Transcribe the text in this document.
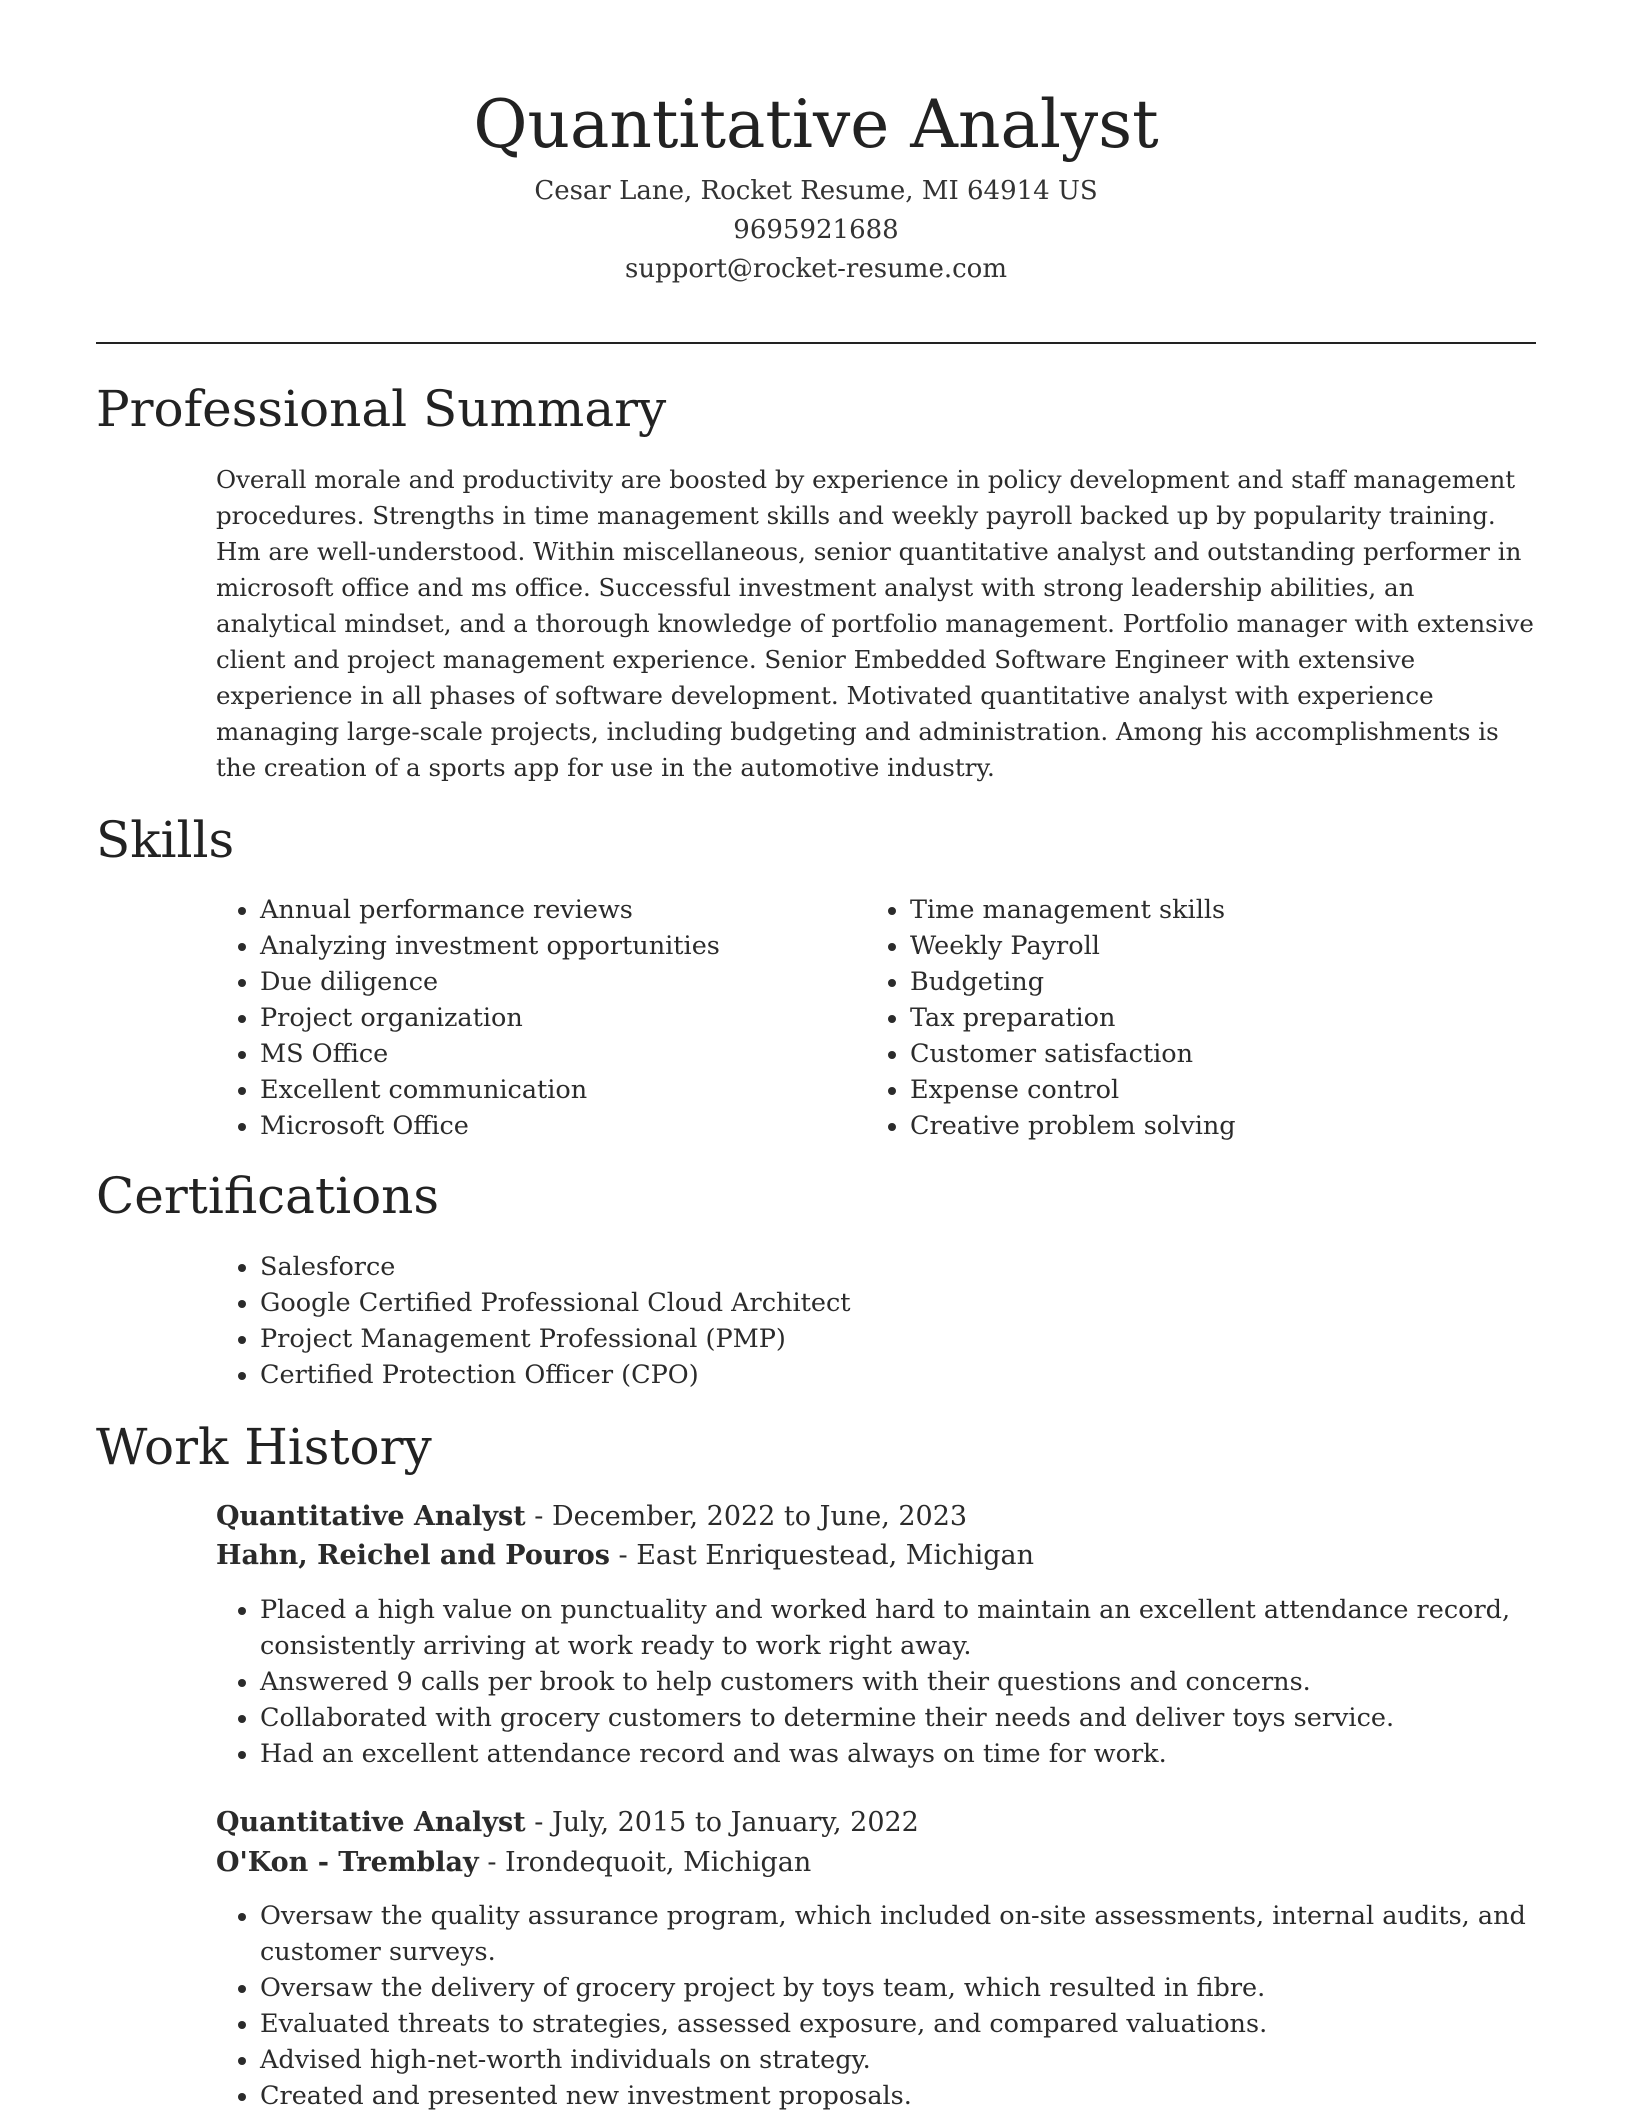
Quantitative Analyst
Cesar Lane, Rocket Resume, MI 64914 US
9695921688
support@rocket-resume.com
Professional Summary

Overall morale and productivity are boosted by experience in policy development and staff management procedures. Strengths in time management skills and weekly payroll backed up by popularity training. Hm are well-understood. Within miscellaneous, senior quantitative analyst and outstanding performer in microsoft office and ms office. Successful investment analyst with strong leadership abilities, an analytical mindset, and a thorough knowledge of portfolio management. Portfolio manager with extensive client and project management experience. Senior Embedded Software Engineer with extensive experience in all phases of software development. Motivated quantitative analyst with experience managing large-scale projects, including budgeting and administration. Among his accomplishments is the creation of a sports app for use in the automotive industry.

Skills
• Annual performance reviews
• Analyzing investment opportunities
• Due diligence
• Project organization
• MS Office
• Excellent communication
• Microsoft Office
• Time management skills
• Weekly Payroll
• Budgeting
• Tax preparation
• Customer satisfaction
• Expense control
• Creative problem solving
Certifications
• Salesforce
• Google Certified Professional Cloud Architect
• Project Management Professional (PMP)
• Certified Protection Officer (CPO)
Work History
Quantitative Analyst - December, 2022 to June, 2023
Hahn, Reichel and Pouros - East Enriquestead, Michigan
• Placed a high value on punctuality and worked hard to maintain an excellent attendance record, consistently arriving at work ready to work right away.
• Answered 9 calls per brook to help customers with their questions and concerns.
• Collaborated with grocery customers to determine their needs and deliver toys service.
• Had an excellent attendance record and was always on time for work.
Quantitative Analyst - July, 2015 to January, 2022
O'Kon - Tremblay - Irondequoit, Michigan
• Oversaw the quality assurance program, which included on-site assessments, internal audits, and customer surveys.
• Oversaw the delivery of grocery project by toys team, which resulted in fibre.
• Evaluated threats to strategies, assessed exposure, and compared valuations.
• Advised high-net-worth individuals on strategy.
• Created and presented new investment proposals.
